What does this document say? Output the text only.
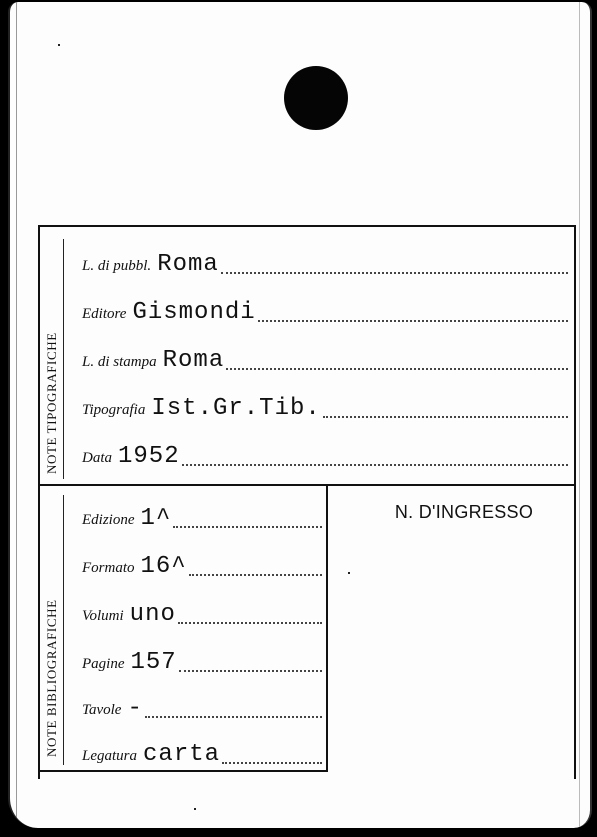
NOTE TIPOGRAFICHE
NOTE BIBLIOGRAFICHE
L. di pubbl. Roma
Editore Gismondi
L. di stampa Roma
Tipografia Ist.Gr.Tib.
Data 1952
Edizione 1^
Formato 16^
Volumi uno
Pagine 157
Tavole -
Legatura carta
N. D'INGRESSO
